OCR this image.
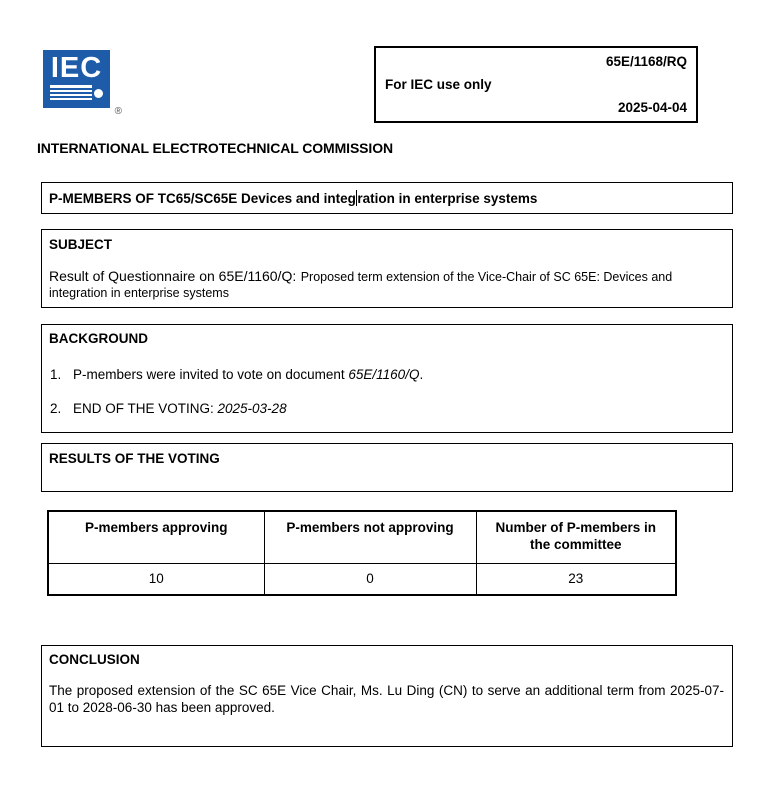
IEC
®
65E/1168/RQ
For IEC use only
2025-04-04
INTERNATIONAL ELECTROTECHNICAL COMMISSION
P-MEMBERS OF TC65/SC65E Devices and integ ration in enterprise systems
SUBJECT
Result of Questionnaire on 65E/1160/Q: Proposed term extension of the Vice-Chair of SC 65E: Devices and integration in enterprise systems
BACKGROUND
1. P-members were invited to vote on document 65E/1160/Q.
2. END OF THE VOTING: 2025-03-28
RESULTS OF THE VOTING
P-members approving	P-members not approving	Number of P-members in the committee
10	0	23
CONCLUSION
The proposed extension of the SC 65E Vice Chair, Ms. Lu Ding (CN) to serve an additional term from 2025-07-01 to 2028-06-30 has been approved.
